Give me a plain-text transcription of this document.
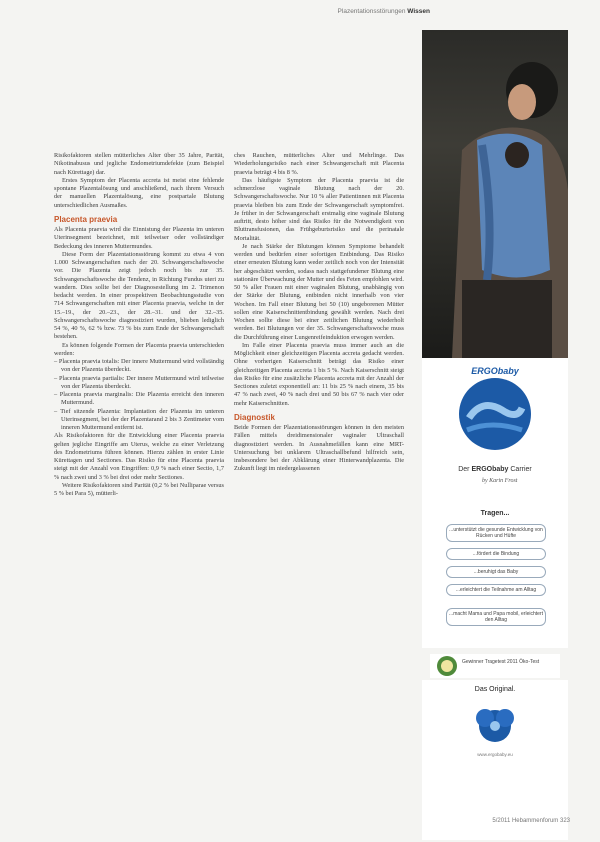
Plazentationsstörungen Wissen

Risikofaktoren stellen mütterliches Alter über 35 Jahre, Parität, Nikotinabusus und jegliche Endometriumdefekte (zum Beispiel nach Kürettage) dar.

Erstes Symptom der Placenta accreta ist meist eine fehlende spontane Plazentalösung und anschließend, nach ihrem Versuch der manuellen Plazentalösung, eine postpartale Blutung unterschiedlichen Ausmaßes.

Placenta praevia

Als Placenta praevia wird die Einnistung der Plazenta im unteren Uterinsegment bezeichnet, mit teilweiser oder vollständiger Bedeckung des inneren Muttermundes.

Diese Form der Plazentationsstörung kommt zu etwa 4 von 1.000 Schwangerschaften nach der 20. Schwangerschaftswoche vor. Die Plazenta zeigt jedoch noch bis zur 35. Schwangerschaftswoche die Tendenz, in Richtung Fundus uteri zu wandern. Dies sollte bei der Diagnosestellung im 2. Trimenon bedacht werden. In einer prospektiven Beobachtungsstudie von 714 Schwangerschaften mit einer Placenta praevia, welche in der 15.–19., der 20.–23., der 28.–31. und der 32.–35. Schwangerschaftswoche diagnostiziert wurden, blieben lediglich 54 %, 40 %, 62 % bzw. 73 % bis zum Ende der Schwangerschaft bestehen.

Es können folgende Formen der Placenta praevia unterschieden werden:

– Placenta praevia totalis: Der innere Muttermund wird vollständig von der Plazenta überdeckt.
– Placenta praevia partialis: Der innere Muttermund wird teilweise von der Plazenta überdeckt.
– Placenta praevia marginalis: Die Plazenta erreicht den inneren Muttermund.
– Tief sitzende Plazenta: Implantation der Plazenta im unteren Uterinsegment, bei der der Plazentarand 2 bis 3 Zentimeter vom inneren Muttermund entfernt ist.

Als Risikofaktoren für die Entwicklung einer Placenta praevia gelten jegliche Eingriffe am Uterus, welche zu einer Verletzung des Endometriums führen können. Hierzu zählen in erster Linie Kürettagen und Sectiones. Das Risiko für eine Placenta praevia steigt mit der Anzahl von Eingriffen: 0,9 % nach einer Sectio, 1,7 % nach zwei und 3 % bei drei oder mehr Sectiones.

Weitere Risikofaktoren sind Parität (0,2 % bei Nulliparae versus 5 % bei Para 5), mütterli-

ches Rauchen, mütterliches Alter und Mehrlinge. Das Wiederholungsrisiko nach einer Schwangerschaft mit Placenta praevia beträgt 4 bis 8 %.

Das häufigste Symptom der Placenta praevia ist die schmerzlose vaginale Blutung nach der 20. Schwangerschaftswoche. Nur 10 % aller Patientinnen mit Placenta praevia bleiben bis zum Ende der Schwangerschaft symptomfrei. Je früher in der Schwangerschaft erstmalig eine vaginale Blutung auftritt, desto höher sind das Risiko für die Notwendigkeit von Bluttransfusionen, das Frühgeburtsrisiko und die perinatale Mortalität.

Je nach Stärke der Blutungen können Symptome behandelt werden und bedürfen einer sofortigen Entbindung. Das Risiko einer erneuten Blutung kann weder zeitlich noch von der Intensität her abgeschätzt werden, sodass nach stattgefundener Blutung eine stationäre Überwachung der Mutter und des Feten empfohlen wird. 50 % aller Frauen mit einer vaginalen Blutung, unabhängig von der Stärke der Blutung, entbinden nicht innerhalb von vier Wochen. Im Fall einer Blutung bei 50 (10) ungeborenen Mütter sollen eine Kaiserschnittentbindung gewählt werden. Nach drei Wochen sollte diese bei einer zeitlichen Blutung wiederholt werden. Bei Blutungen vor der 35. Schwangerschaftswoche muss die Durchführung einer Lungenreifeinduktion erwogen werden.

Im Falle einer Placenta praevia muss immer auch an die Möglichkeit einer gleichzeitigen Placenta accreta gedacht werden. Ohne vorherigen Kaiserschnitt beträgt das Risiko einer gleichzeitigen Placenta accreta 1 bis 5 %. Nach Kaiserschnitt steigt das Risiko für eine zusätzliche Placenta accreta mit der Anzahl der Sectiones zuletzt exponentiell an: 11 bis 25 % nach einem, 35 bis 47 % nach zwei, 40 % nach drei und 50 bis 67 % nach vier oder mehr Kaiserschnitten.

Diagnostik

Beide Formen der Plazentationsstörungen können in den meisten Fällen mittels dreidimensionaler vaginaler Ultraschall diagnostiziert werden. In Ausnahmefällen kann eine MRT-Untersuchung bei unklarem Ultraschallbefund hilfreich sein, insbesondere bei der Abklärung einer Hinterwandplazenta. Die Zukunft liegt im niedergelassenen

ERGObaby
Der ERGObaby Carrier
by Karin Frost
Tragen...
...unterstützt die gesunde Entwicklung von Rücken und Hüfte
...fördert die Bindung
...beruhigt das Baby
...erleichtert die Teilnahme am Alltag
...macht Mama und Papa mobil, erleichtert den Alltag
Gewinner Tragetest 2011 Öko-Test
Das Original.
www.ergobaby.eu
5/2011 Hebammenforum 323
